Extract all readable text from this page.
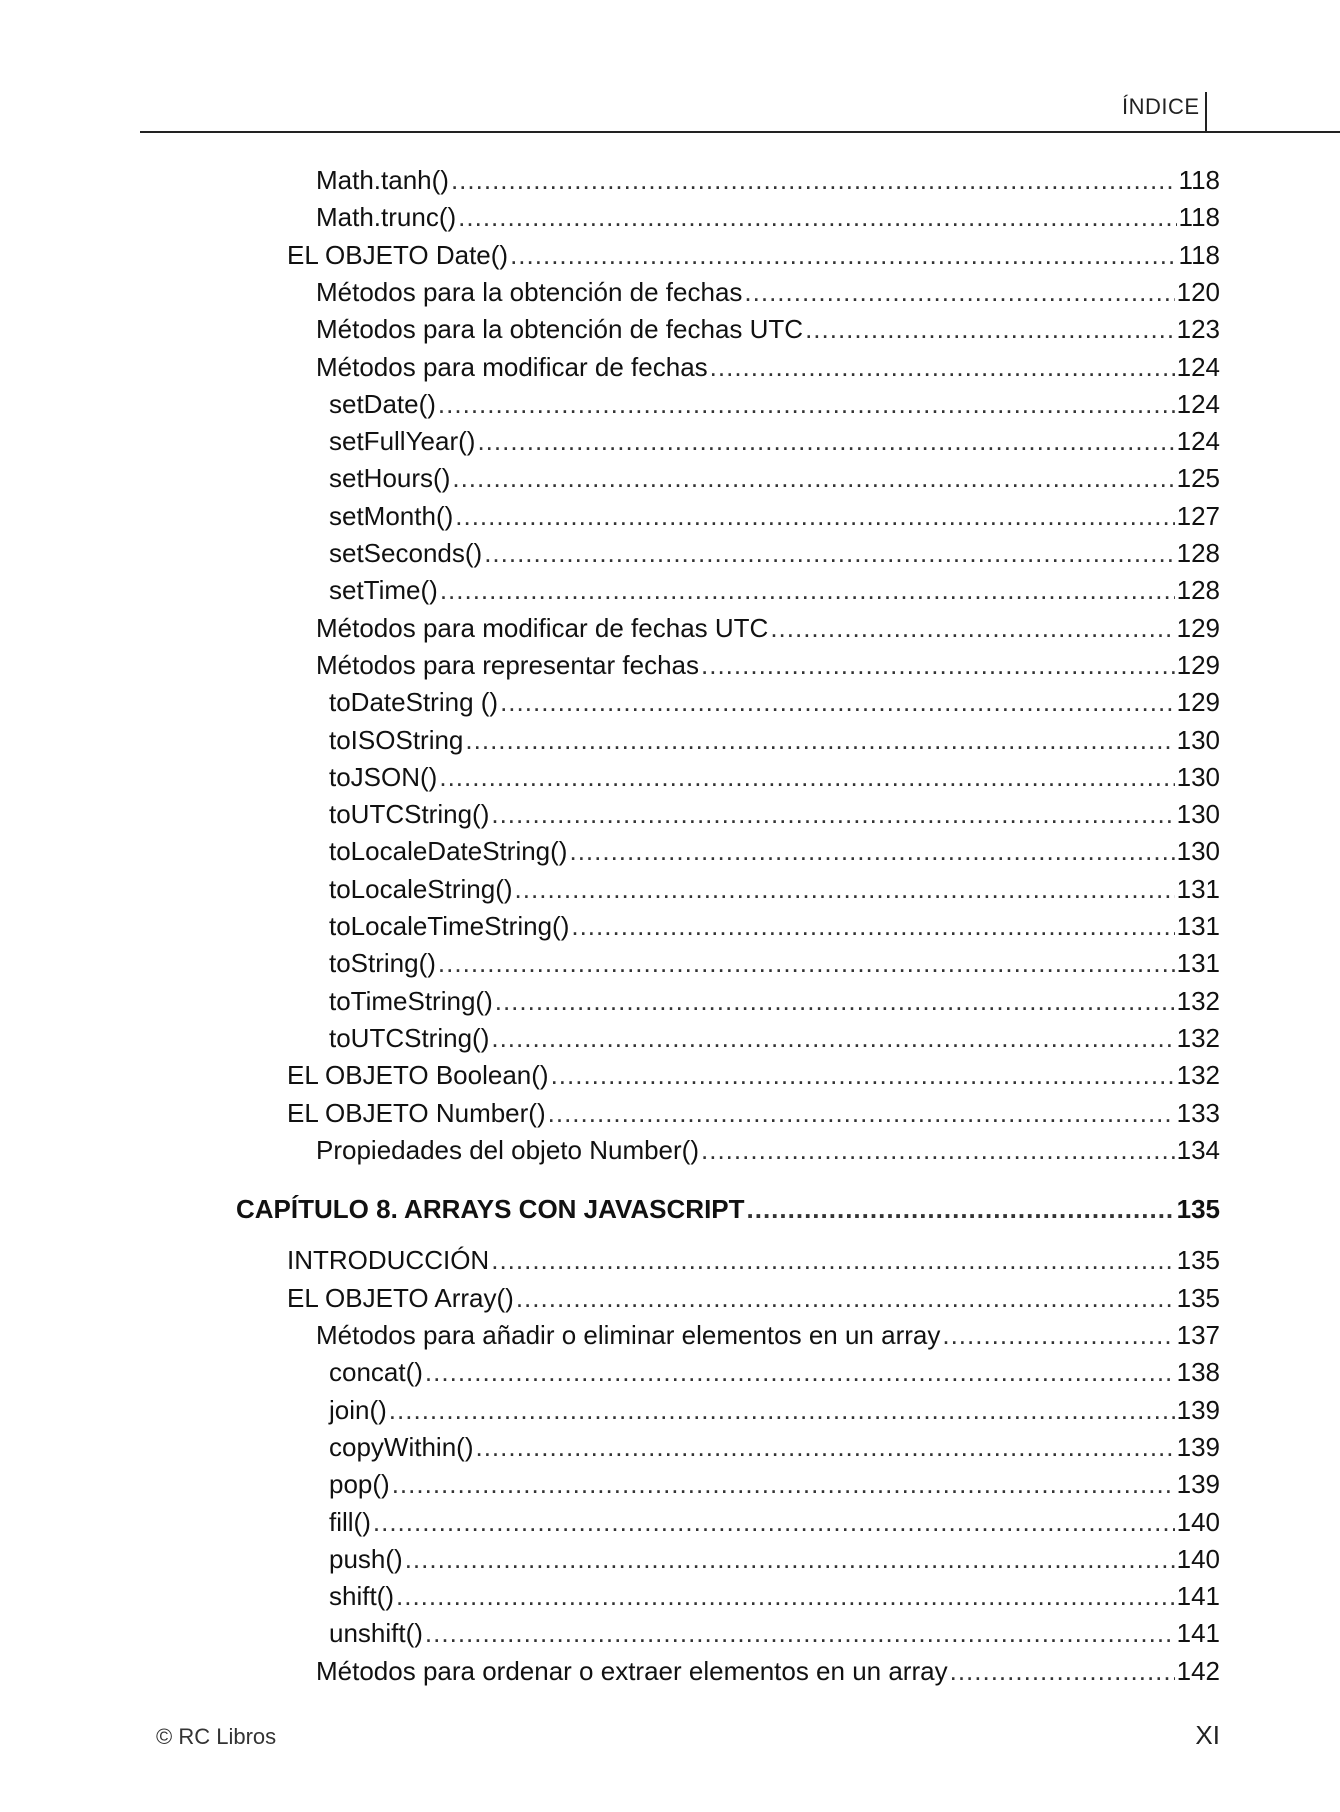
ÍNDICE
Math.tanh() .....	118
Math.trunc() .....	118
EL OBJETO Date() .....	118
Métodos para la obtención de fechas .....	120
Métodos para la obtención de fechas UTC .....	123
Métodos para modificar de fechas .....	124
setDate() .....	124
setFullYear() .....	124
setHours() .....	125
setMonth() .....	127
setSeconds() .....	128
setTime() .....	128
Métodos para modificar de fechas UTC .....	129
Métodos para representar fechas .....	129
toDateString () .....	129
toISOString .....	130
toJSON() .....	130
toUTCString() .....	130
toLocaleDateString() .....	130
toLocaleString() .....	131
toLocaleTimeString() .....	131
toString() .....	131
toTimeString() .....	132
toUTCString() .....	132
EL OBJETO Boolean() .....	132
EL OBJETO Number() .....	133
Propiedades del objeto Number() .....	134
CAPÍTULO 8. ARRAYS CON JAVASCRIPT .....	135
INTRODUCCIÓN .....	135
EL OBJETO Array() .....	135
Métodos para añadir o eliminar elementos en un array .....	137
concat() .....	138
join() .....	139
copyWithin() .....	139
pop() .....	139
fill() .....	140
push() .....	140
shift() .....	141
unshift() .....	141
Métodos para ordenar o extraer elementos en un array .....	142
© RC Libros	XI
